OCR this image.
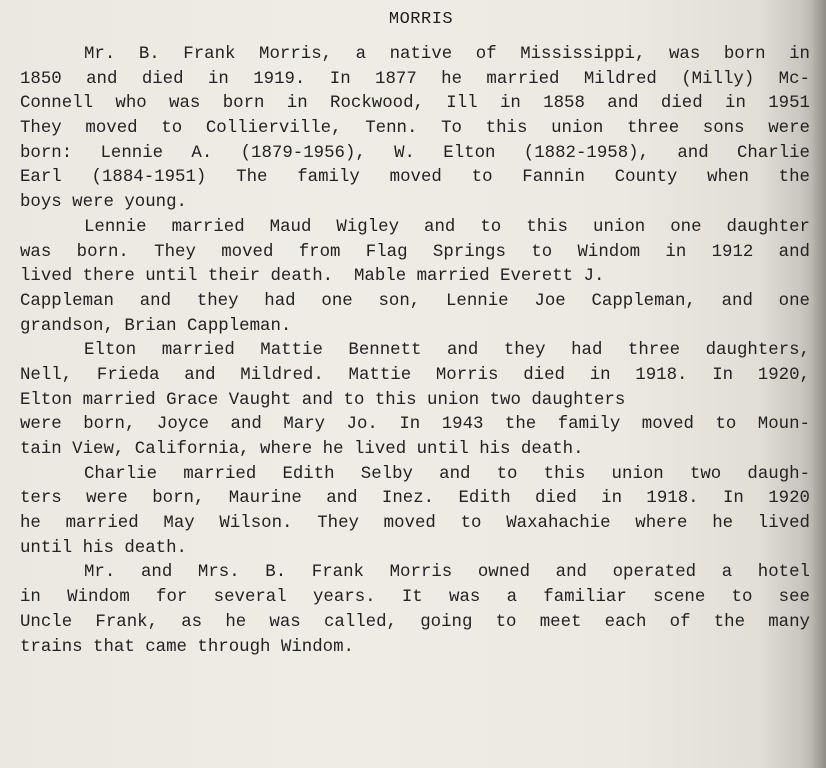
MORRIS
Mr. B. Frank Morris, a native of Mississippi, was born in
1850 and died in 1919. In 1877 he married Mildred (Milly) Mc-
Connell who was born in Rockwood, Ill in 1858 and died in 1951
They moved to Collierville, Tenn. To this union three sons were
born: Lennie A. (1879-1956), W. Elton (1882-1958), and Charlie
Earl (1884-1951) The family moved to Fannin County when the
boys were young.
Lennie married Maud Wigley and to this union one daughter
was born. They moved from Flag Springs to Windom in 1912 and
lived there until their death.  Mable married Everett J.
Cappleman and they had one son, Lennie Joe Cappleman, and one
grandson, Brian Cappleman.
Elton married Mattie Bennett and they had three daughters,
Nell, Frieda and Mildred. Mattie Morris died in 1918. In 1920,
Elton married Grace Vaught and to this union two daughters
were born, Joyce and Mary Jo. In 1943 the family moved to Moun-
tain View, California, where he lived until his death.
Charlie married Edith Selby and to this union two daugh-
ters were born, Maurine and Inez. Edith died in 1918. In 1920
he married May Wilson. They moved to Waxahachie where he lived
until his death.
Mr. and Mrs. B. Frank Morris owned and operated a hotel
in Windom for several years. It was a familiar scene to see
Uncle Frank, as he was called, going to meet each of the many
trains that came through Windom.
